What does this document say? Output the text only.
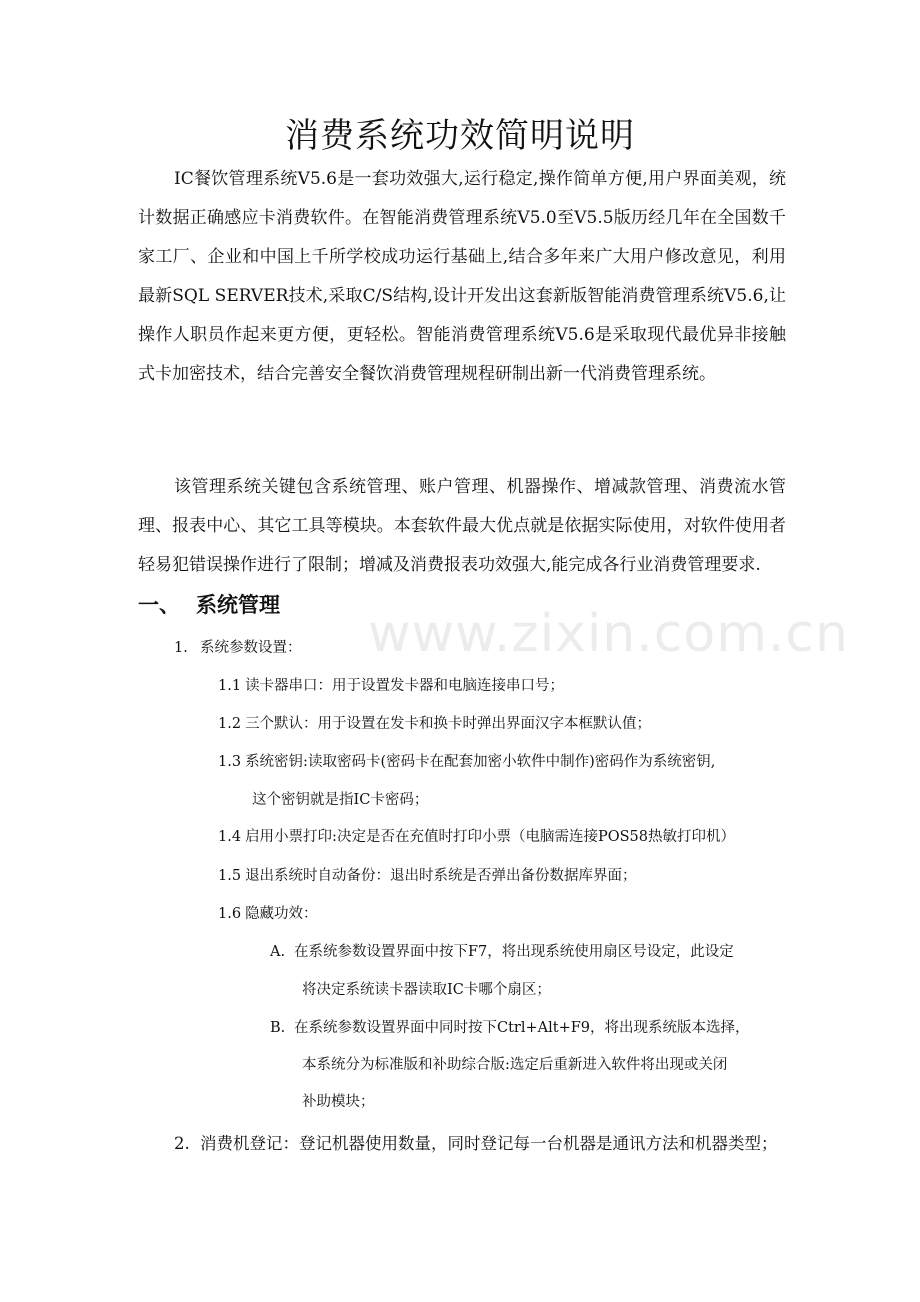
www.zixin.com.cn
消费系统功效简明说明

IC餐饮管理系统V5.6是一套功效强大,运行稳定,操作简单方便,用户界面美观，统计数据正确感应卡消费软件。在智能消费管理系统V5.0至V5.5版历经几年在全国数千家工厂、企业和中国上千所学校成功运行基础上,结合多年来广大用户修改意见，利用最新SQL SERVER技术,采取C/S结构,设计开发出这套新版智能消费管理系统V5.6,让操作人职员作起来更方便，更轻松。智能消费管理系统V5.6是采取现代最优异非接触式卡加密技术，结合完善安全餐饮消费管理规程研制出新一代消费管理系统。

该管理系统关键包含系统管理、账户管理、机器操作、增减款管理、消费流水管理、报表中心、其它工具等模块。本套软件最大优点就是依据实际使用，对软件使用者轻易犯错误操作进行了限制；增减及消费报表功效强大,能完成各行业消费管理要求.

一、 系统管理
1. 系统参数设置：
1.1 读卡器串口：用于设置发卡器和电脑连接串口号；
1.2 三个默认：用于设置在发卡和换卡时弹出界面汉字本框默认值；
1.3 系统密钥:读取密码卡(密码卡在配套加密小软件中制作)密码作为系统密钥,
这个密钥就是指IC卡密码；
1.4 启用小票打印:决定是否在充值时打印小票（电脑需连接POS58热敏打印机）
1.5 退出系统时自动备份：退出时系统是否弹出备份数据库界面；
1.6 隐藏功效：
A. 在系统参数设置界面中按下F7，将出现系统使用扇区号设定，此设定
将决定系统读卡器读取IC卡哪个扇区；
B. 在系统参数设置界面中同时按下Ctrl+Alt+F9，将出现系统版本选择，
本系统分为标准版和补助综合版:选定后重新进入软件将出现或关闭
补助模块；
2. 消费机登记：登记机器使用数量，同时登记每一台机器是通讯方法和机器类型；
